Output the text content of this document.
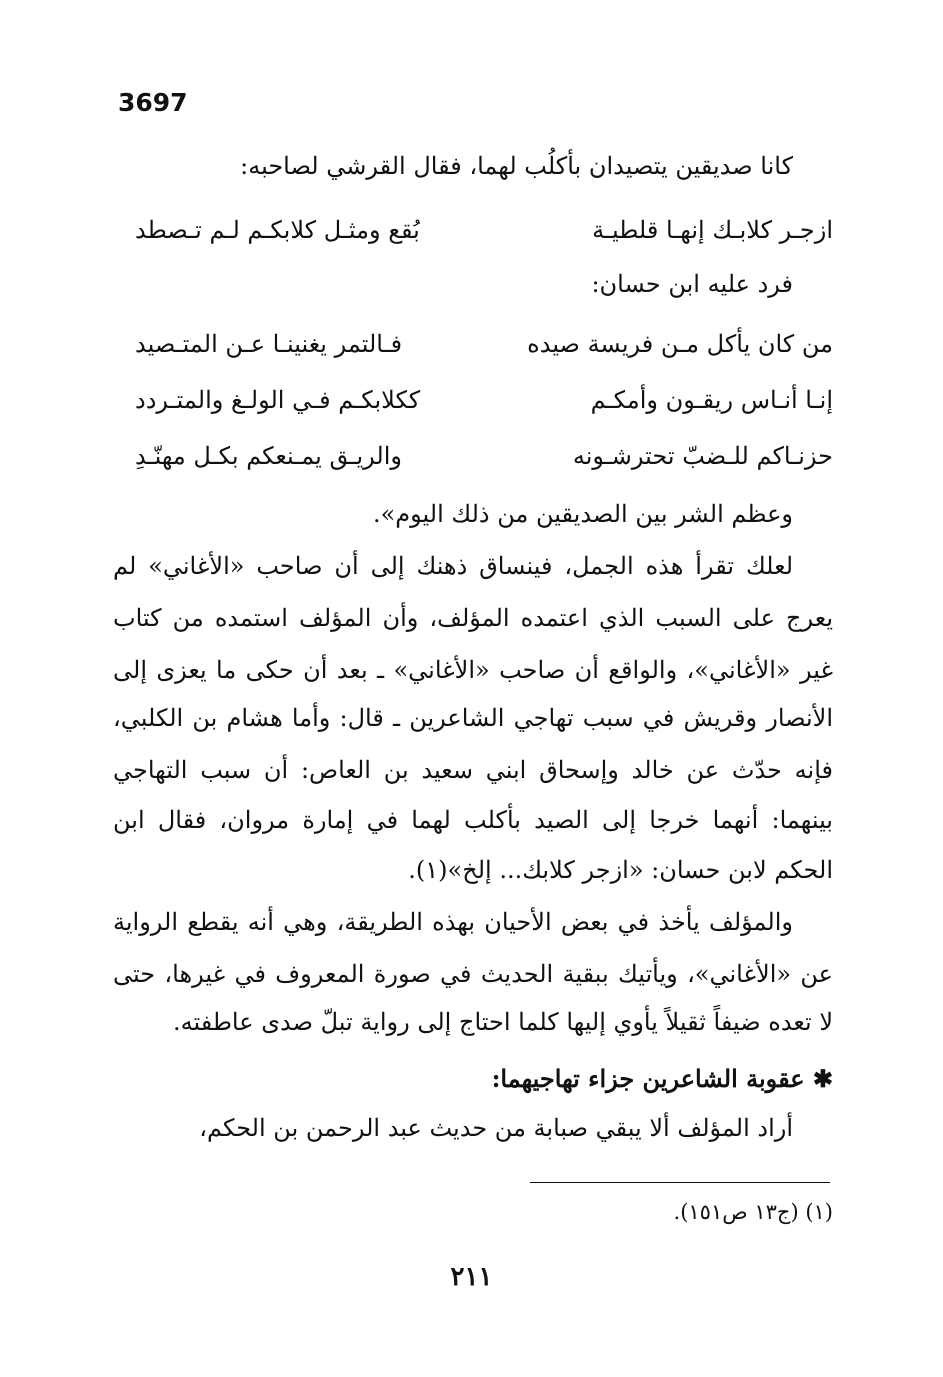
3697
كانا صديقين يتصيدان بأكلُب لهما، فقال القرشي لصاحبه:
ازجـر كلابـك إنهـا قلطيـة
بُقع ومثـل كلابكـم لـم تـصطد
فرد عليه ابن حسان:
من كان يأكل مـن فريسة صيده
فـالتمر يغنينـا عـن المتـصيد
إنـا أنـاس ريقـون وأمكـم
ككلابكـم فـي الولـغ والمتـردد
حزنـاكم للـضبّ تحترشـونه
والريـق يمـنعكم بكـل مهنّـدِ
وعظم الشر بين الصديقين من ذلك اليوم».
لعلك تقرأ هذه الجمل، فينساق ذهنك إلى أن صاحب «الأغاني» لم
يعرج على السبب الذي اعتمده المؤلف، وأن المؤلف استمده من كتاب
غير «الأغاني»، والواقع أن صاحب «الأغاني» ـ بعد أن حكى ما يعزى إلى
الأنصار وقريش في سبب تهاجي الشاعرين ـ قال: وأما هشام بن الكلبي،
فإنه حدّث عن خالد وإسحاق ابني سعيد بن العاص: أن سبب التهاجي
بينهما: أنهما خرجا إلى الصيد بأكلب لهما في إمارة مروان، فقال ابن
الحكم لابن حسان: «ازجر كلابك... إلخ»(١).
والمؤلف يأخذ في بعض الأحيان بهذه الطريقة، وهي أنه يقطع الرواية
عن «الأغاني»، ويأتيك ببقية الحديث في صورة المعروف في غيرها، حتى
لا تعده ضيفاً ثقيلاً يأوي إليها كلما احتاج إلى رواية تبلّ صدى عاطفته.
✱ عقوبة الشاعرين جزاء تهاجيهما:
أراد المؤلف ألا يبقي صبابة من حديث عبد الرحمن بن الحكم،
(١) (ج١٣ ص١٥١).
٢١١
